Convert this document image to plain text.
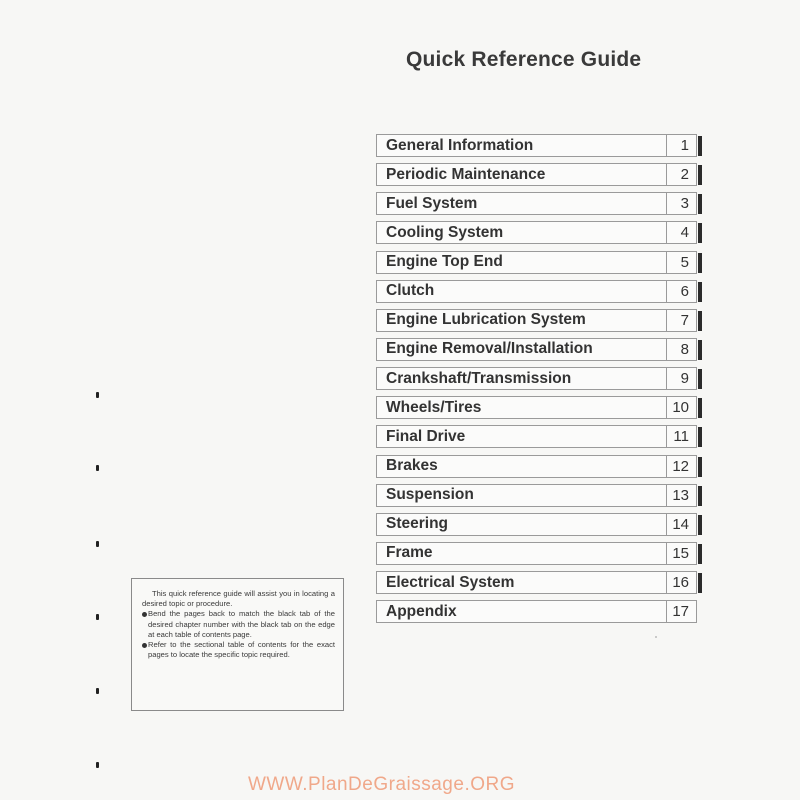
Quick Reference Guide
General Information	1
Periodic Maintenance	2
Fuel System	3
Cooling System	4
Engine Top End	5
Clutch	6
Engine Lubrication System	7
Engine Removal/Installation	8
Crankshaft/Transmission	9
Wheels/Tires	10
Final Drive	11
Brakes	12
Suspension	13
Steering	14
Frame	15
Electrical System	16
Appendix	17

This quick reference guide will assist you in locating a desired topic or procedure.

Bend the pages back to match the black tab of the desired chapter number with the black tab on the edge at each table of contents page.
Refer to the sectional table of contents for the exact pages to locate the specific topic required.
WWW.PlanDeGraissage.ORG
